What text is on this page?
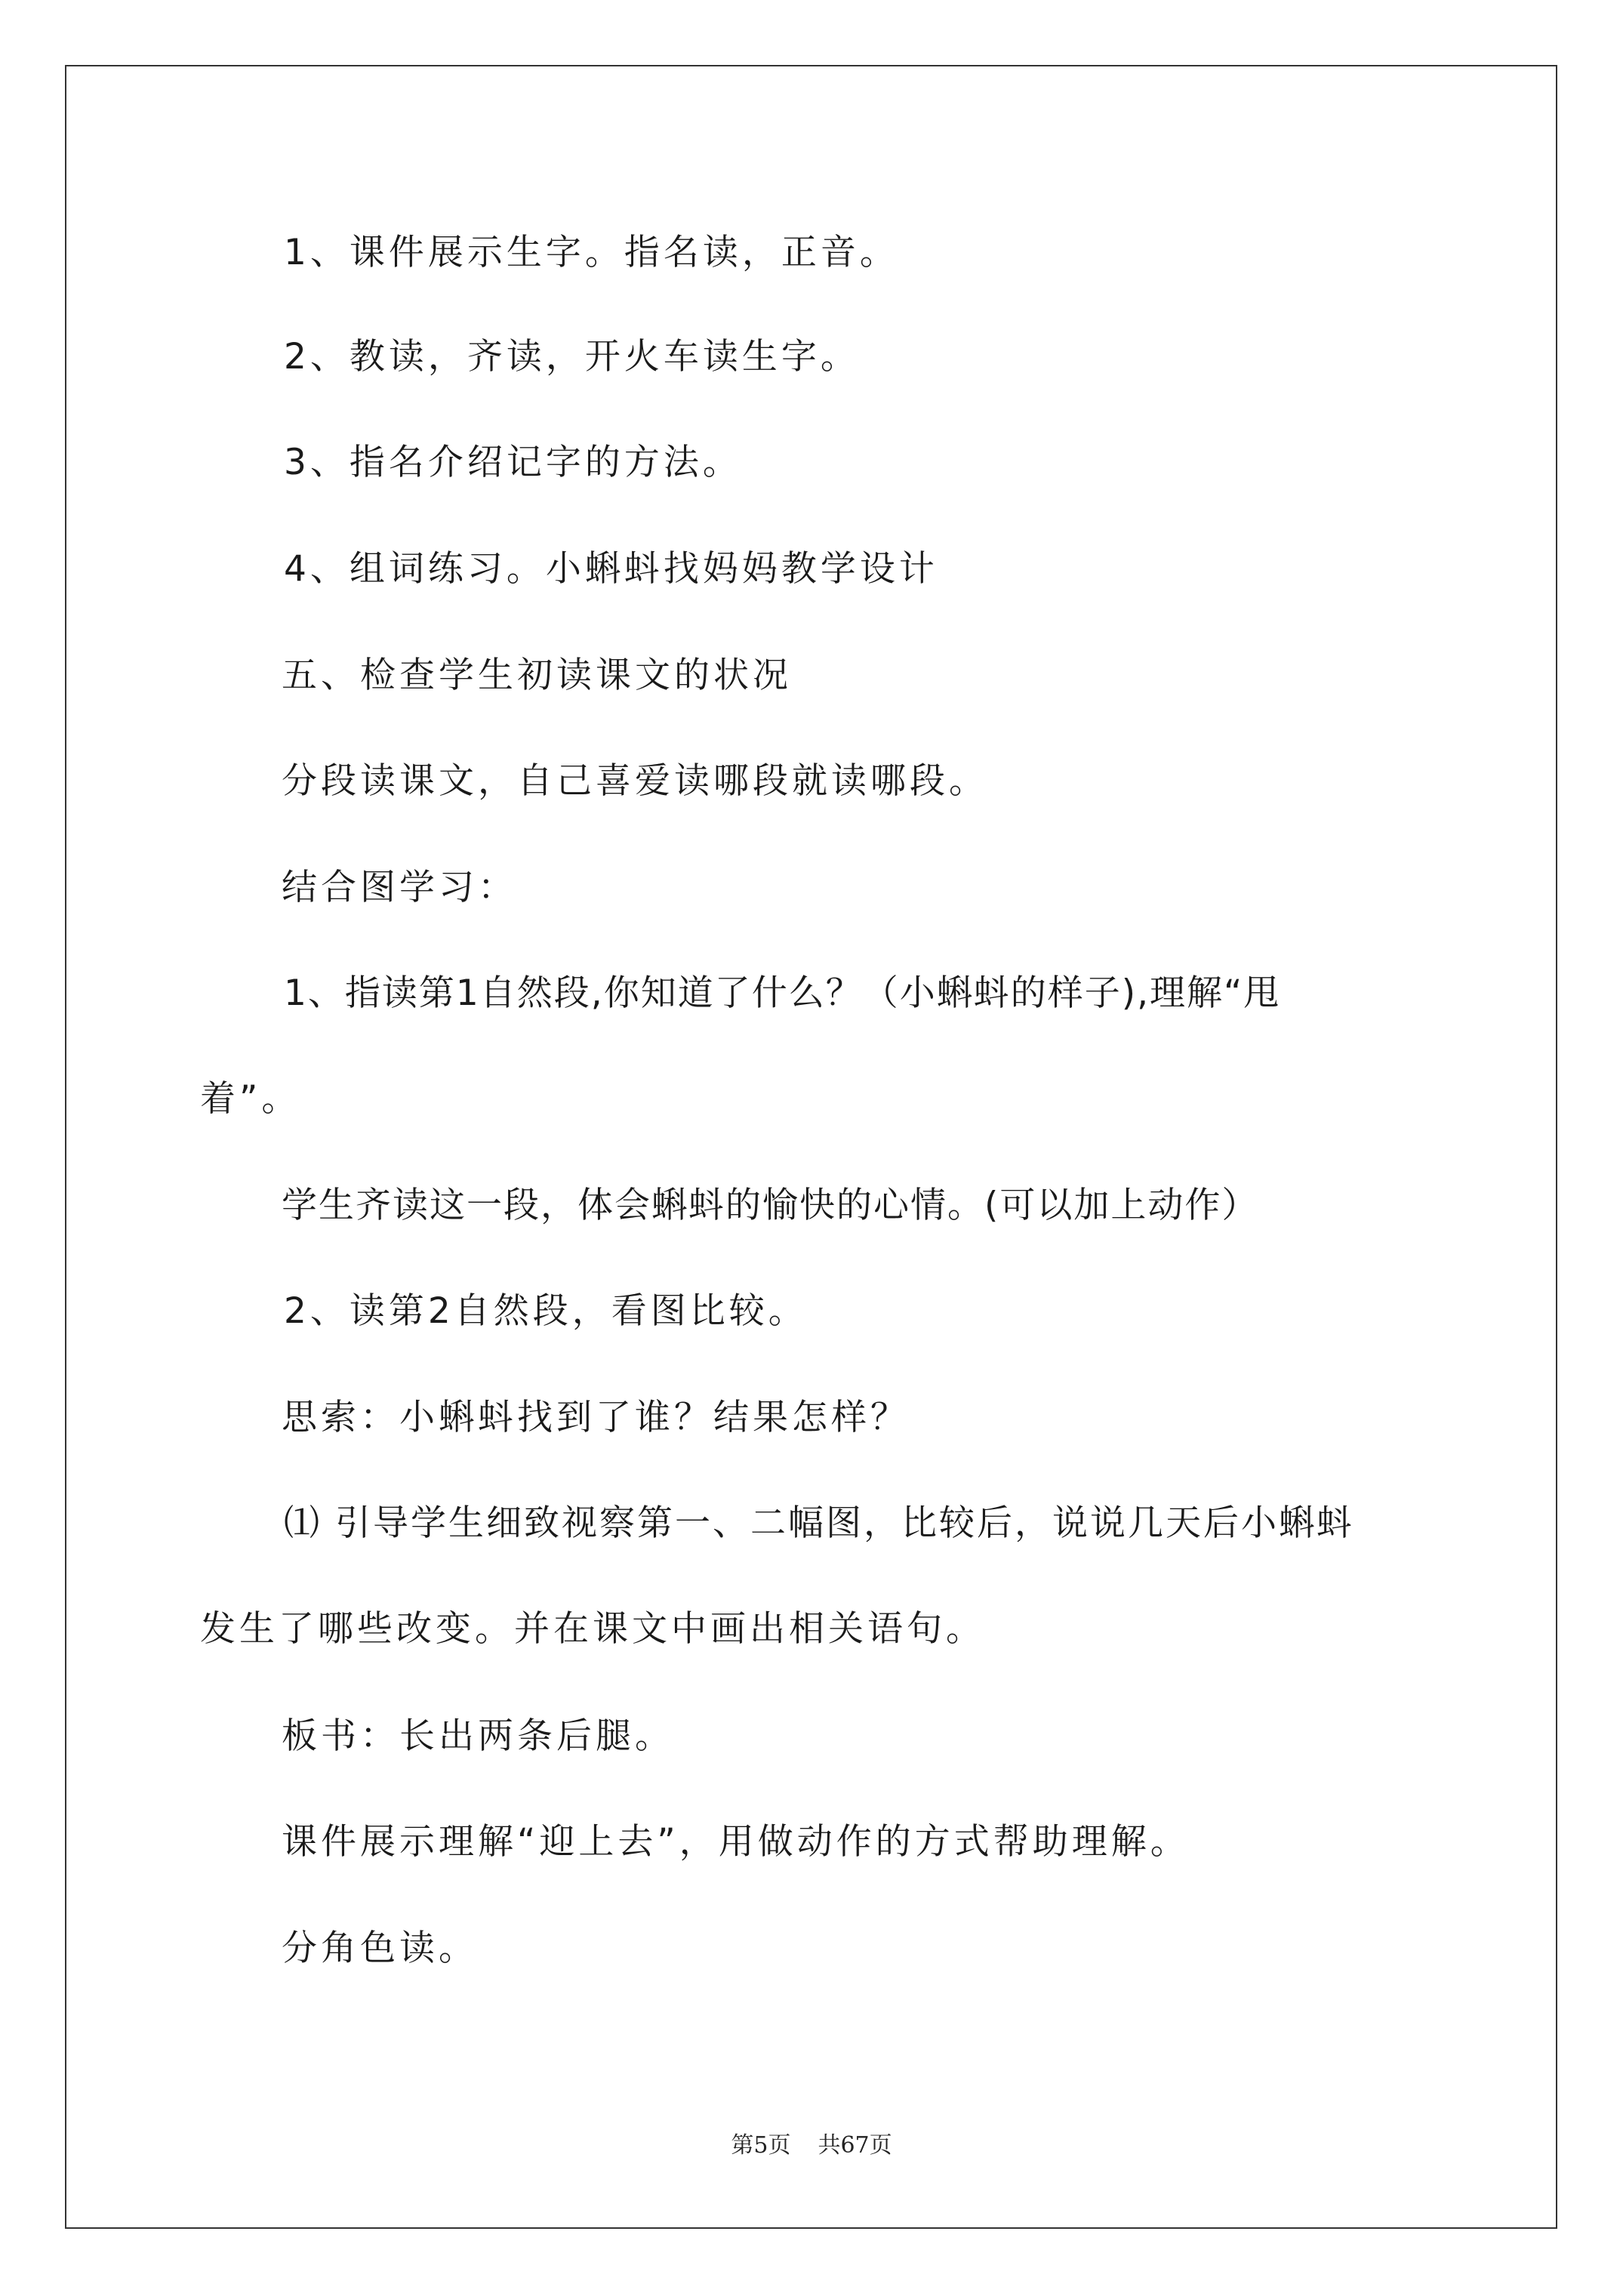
1、课件展示生字。指名读，正音。
2、教读，齐读，开火车读生字。
3、指名介绍记字的方法。
4、组词练习。小蝌蚪找妈妈教学设计
五、检查学生初读课文的状况
分段读课文，自己喜爱读哪段就读哪段。
结合图学习：
1、指读第1自然段,你知道了什么？（小蝌蚪的样子),理解“甩
着”。
学生齐读这一段，体会蝌蚪的愉快的心情。(可以加上动作）
2、读第2自然段，看图比较。
思索：小蝌蚪找到了谁？结果怎样？
⑴ 引导学生细致视察第一、二幅图，比较后，说说几天后小蝌蚪
发生了哪些改变。并在课文中画出相关语句。
板书：长出两条后腿。
课件展示理解“迎上去”，用做动作的方式帮助理解。
分角色读。
第5页 共67页
